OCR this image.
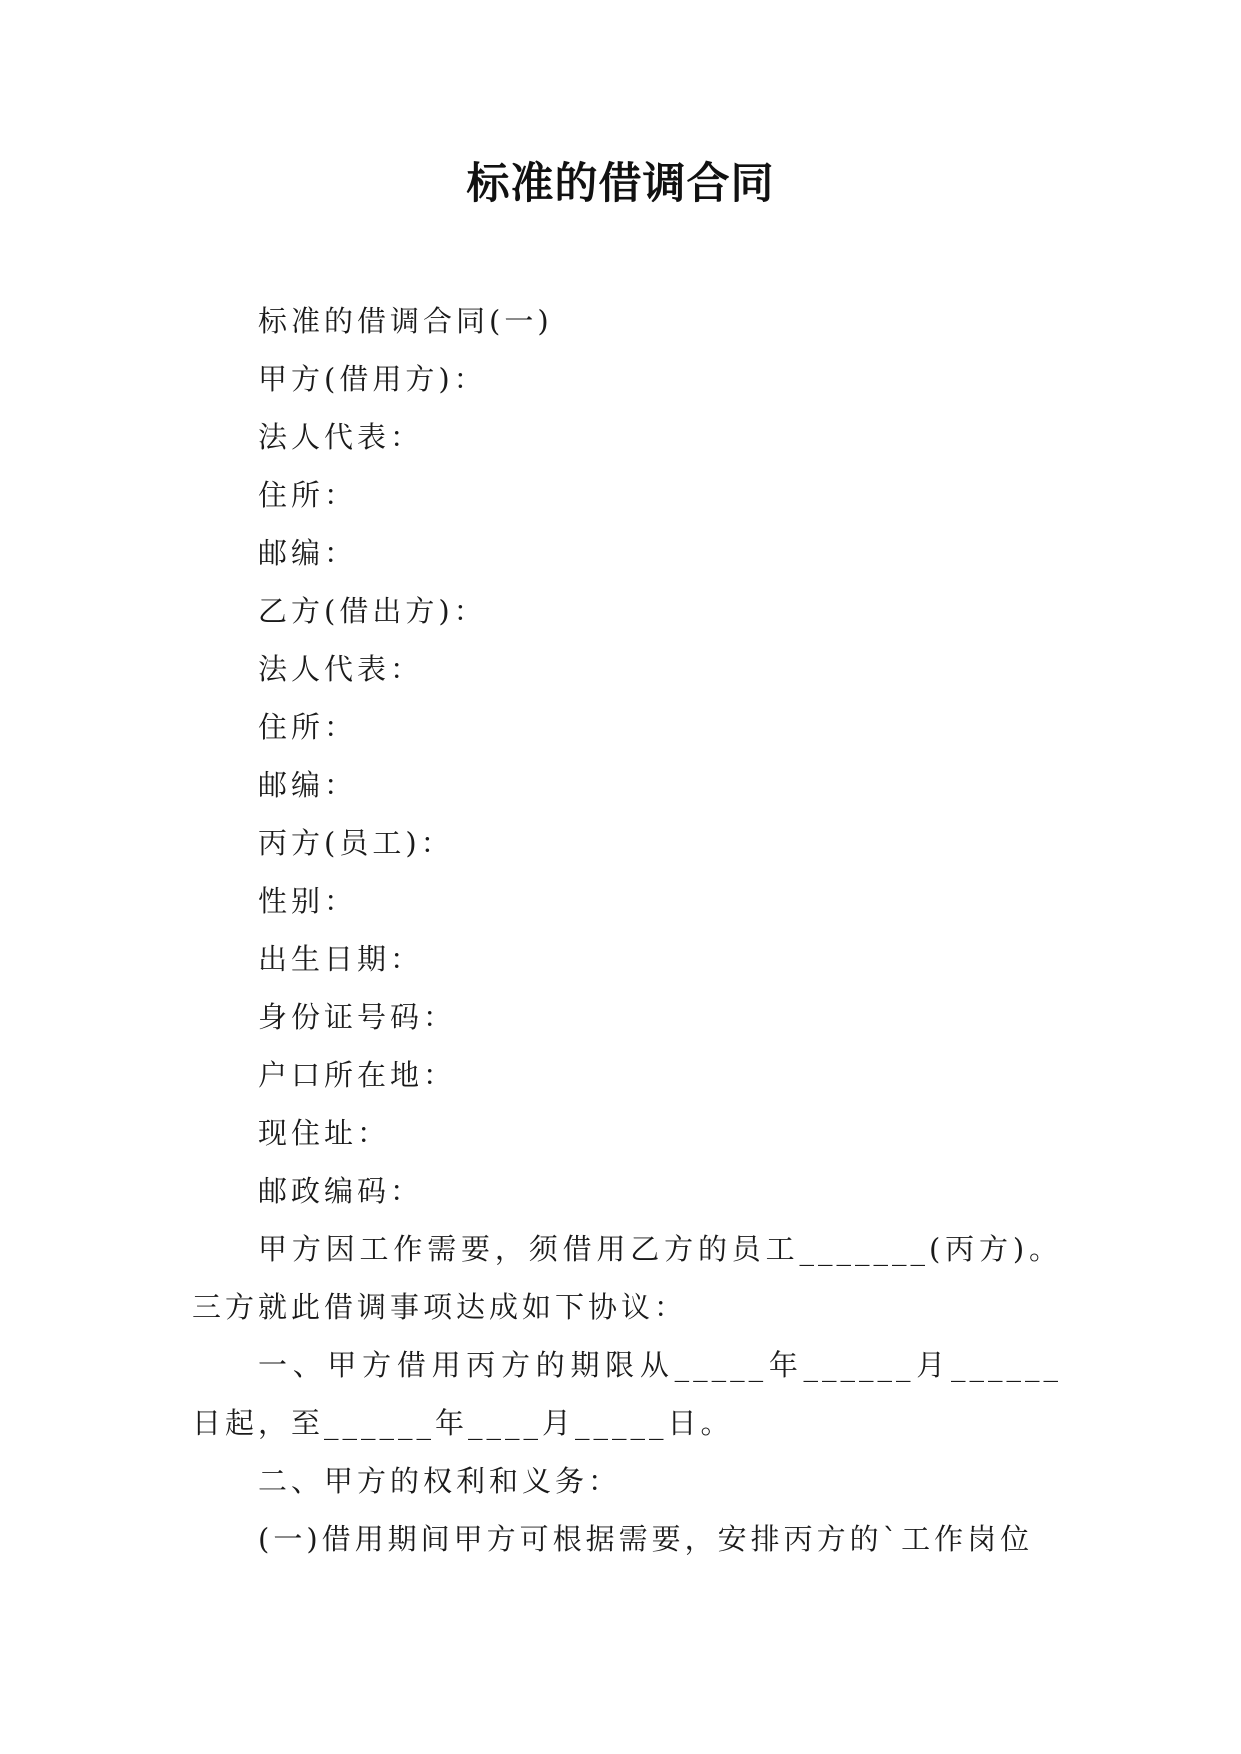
标准的借调合同
标准的借调合同(一)
甲方(借用方)：
法人代表：
住所：
邮编：
乙方(借出方)：
法人代表：
住所：
邮编：
丙方(员工)：
性别：
出生日期：
身份证号码：
户口所在地：
现住址：
邮政编码：
甲方因工作需要，须借用乙方的员工_______(丙方)。三方就此借调事项达成如下协议：
一、甲方借用丙方的期限从_____年______月______日起，至______年____月_____日。
二、甲方的权利和义务：
(一)借用期间甲方可根据需要，安排丙方的`工作岗位
